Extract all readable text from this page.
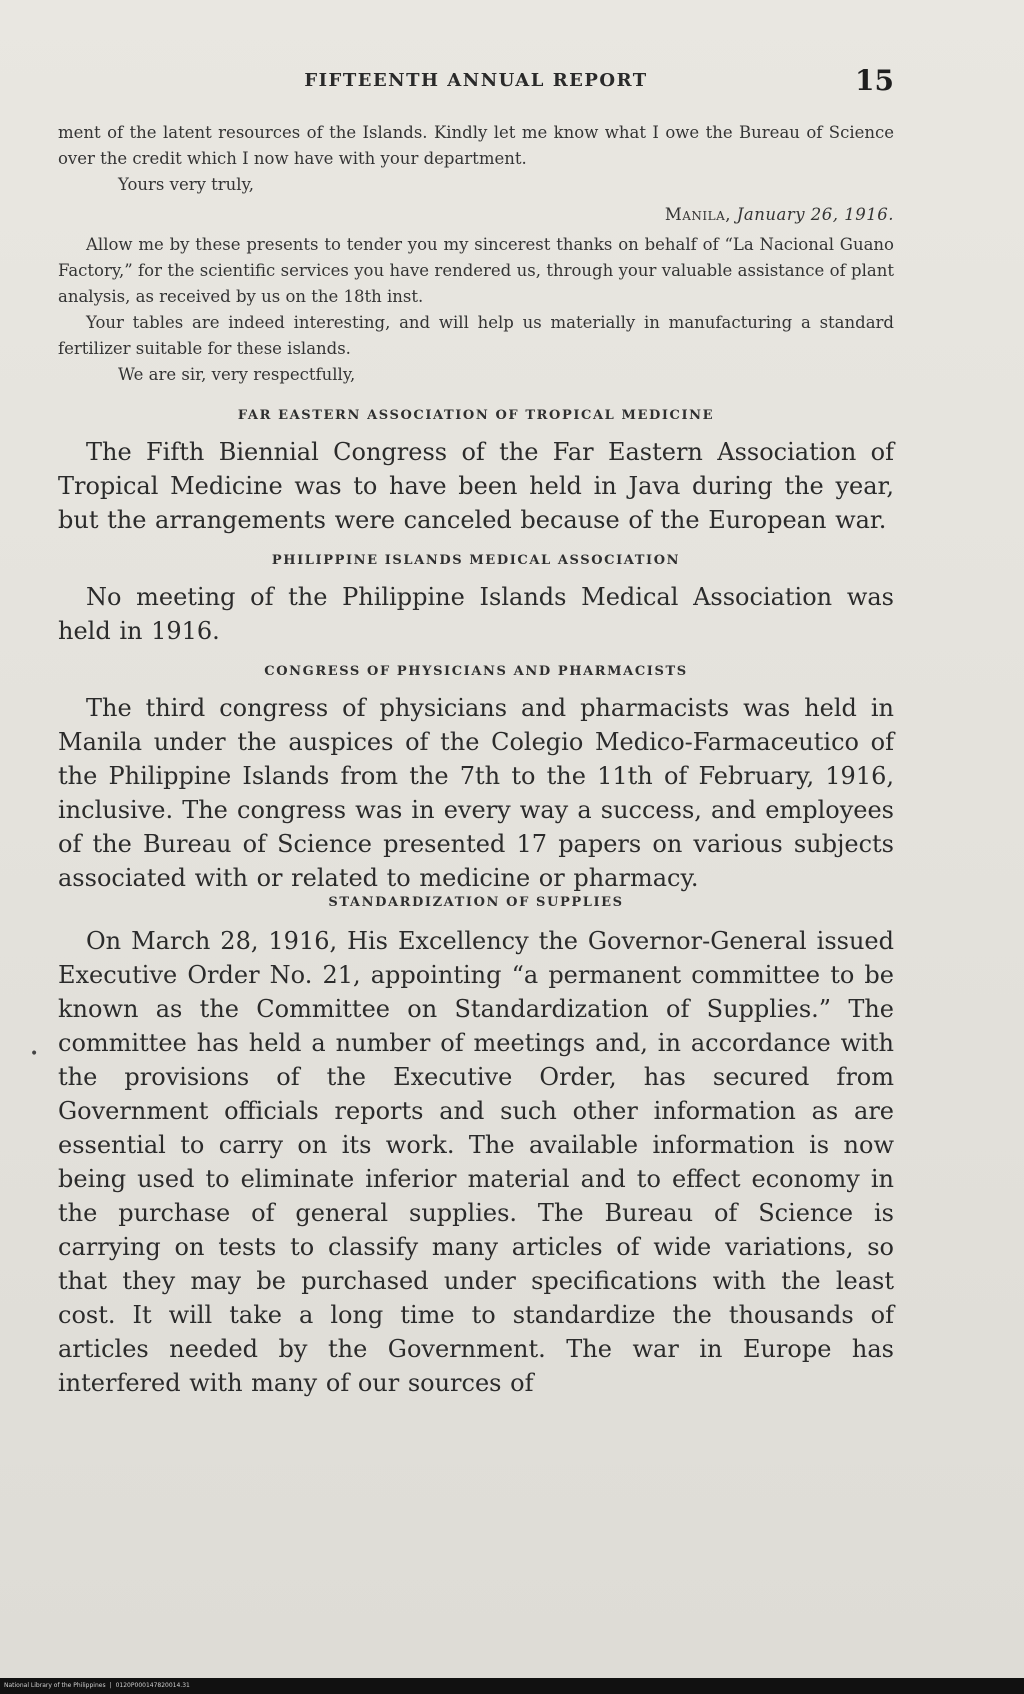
FIFTEENTH ANNUAL REPORT	15

ment of the latent resources of the Islands. Kindly let me know what I owe the Bureau of Science over the credit which I now have with your department.

Yours very truly,

Manila, January 26, 1916.

Allow me by these presents to tender you my sincerest thanks on behalf of “La Nacional Guano Factory,” for the scientific services you have rendered us, through your valuable assistance of plant analysis, as received by us on the 18th inst.

Your tables are indeed interesting, and will help us materially in manufacturing a standard fertilizer suitable for these islands.

We are sir, very respectfully,

FAR EASTERN ASSOCIATION OF TROPICAL MEDICINE

The Fifth Biennial Congress of the Far Eastern Association of Tropical Medicine was to have been held in Java during the year, but the arrangements were canceled because of the European war.

PHILIPPINE ISLANDS MEDICAL ASSOCIATION

No meeting of the Philippine Islands Medical Association was held in 1916.

CONGRESS OF PHYSICIANS AND PHARMACISTS

The third congress of physicians and pharmacists was held in Manila under the auspices of the Colegio Medico-Farmaceutico of the Philippine Islands from the 7th to the 11th of February, 1916, inclusive. The congress was in every way a success, and employees of the Bureau of Science presented 17 papers on various subjects associated with or related to medicine or pharmacy.

STANDARDIZATION OF SUPPLIES

On March 28, 1916, His Excellency the Governor-General issued Executive Order No. 21, appointing “a permanent committee to be known as the Committee on Standardization of Supplies.” The committee has held a number of meetings and, in accordance with the provisions of the Executive Order, has secured from Government officials reports and such other information as are essential to carry on its work. The available information is now being used to eliminate inferior material and to effect economy in the purchase of general supplies. The Bureau of Science is carrying on tests to classify many articles of wide variations, so that they may be purchased under specifications with the least cost. It will take a long time to standardize the thousands of articles needed by the Government. The war in Europe has interfered with many of our sources of

•
National Library of the Philippines | 0120P000147820014.31
